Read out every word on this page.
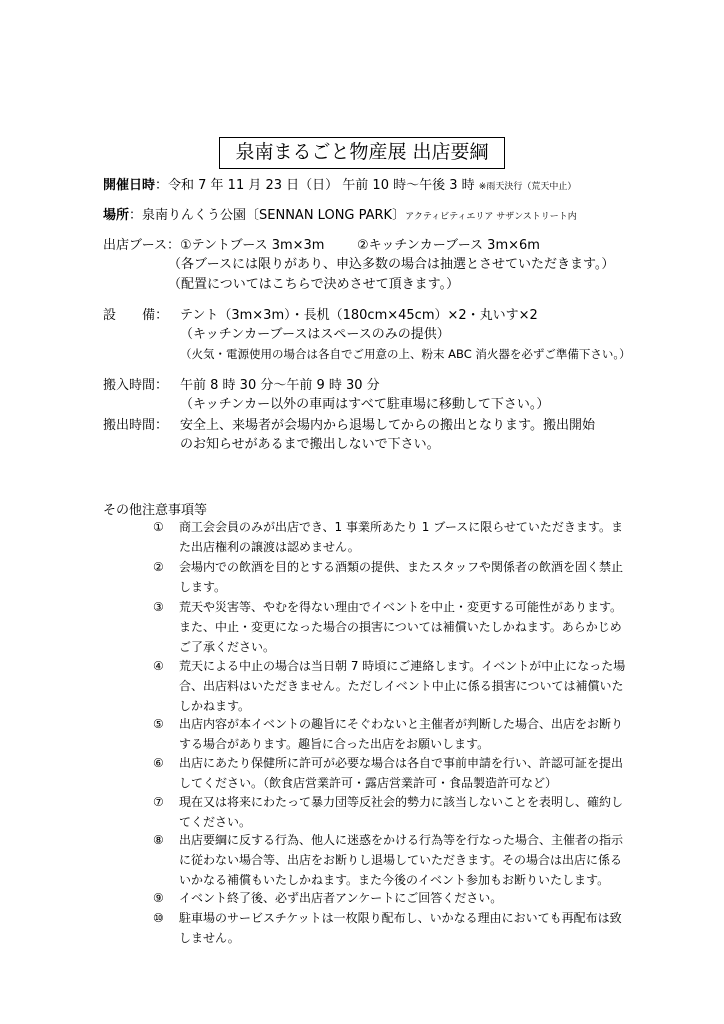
泉南まるごと物産展 出店要綱
開催日時：令和 7 年 11 月 23 日（日） 午前 10 時～午後 3 時 ※雨天決行（荒天中止）
場所：泉南りんくう公園〔SENNAN LONG PARK〕アクティビティエリア サザンストリート内
出店ブース： ①テントブース 3m×3m	②キッチンカーブース 3m×6m
（各ブースには限りがあり、申込多数の場合は抽選とさせていただきます。）
（配置についてはこちらで決めさせて頂きます。）
設 備： テント（3m×3m）・長机（180cm×45cm）×2・丸いす×2
（キッチンカーブースはスペースのみの提供）
（火気・電源使用の場合は各自でご用意の上、粉末 ABC 消火器を必ずご準備下さい。）
搬入時間： 午前 8 時 30 分～午前 9 時 30 分
（キッチンカー以外の車両はすべて駐車場に移動して下さい。）
搬出時間： 安全上、来場者が会場内から退場してからの搬出となります。搬出開始
のお知らせがあるまで搬出しないで下さい。
その他注意事項等
① 商工会会員のみが出店でき、1 事業所あたり 1 ブースに限らせていただきます。また出店権利の譲渡は認めません。
② 会場内での飲酒を目的とする酒類の提供、またスタッフや関係者の飲酒を固く禁止します。
③ 荒天や災害等、やむを得ない理由でイベントを中止・変更する可能性があります。また、中止・変更になった場合の損害については補償いたしかねます。あらかじめご了承ください。
④ 荒天による中止の場合は当日朝 7 時頃にご連絡します。イベントが中止になった場合、出店料はいただきません。ただしイベント中止に係る損害については補償いたしかねます。
⑤ 出店内容が本イベントの趣旨にそぐわないと主催者が判断した場合、出店をお断りする場合があります。趣旨に合った出店をお願いします。
⑥ 出店にあたり保健所に許可が必要な場合は各自で事前申請を行い、許認可証を提出してください。（飲食店営業許可・露店営業許可・食品製造許可など）
⑦ 現在又は将来にわたって暴力団等反社会的勢力に該当しないことを表明し、確約してください。
⑧ 出店要綱に反する行為、他人に迷惑をかける行為等を行なった場合、主催者の指示に従わない場合等、出店をお断りし退場していただきます。その場合は出店に係るいかなる補償もいたしかねます。また今後のイベント参加もお断りいたします。
⑨ イベント終了後、必ず出店者アンケートにご回答ください。
⑩ 駐車場のサービスチケットは一枚限り配布し、いかなる理由においても再配布は致しません。
